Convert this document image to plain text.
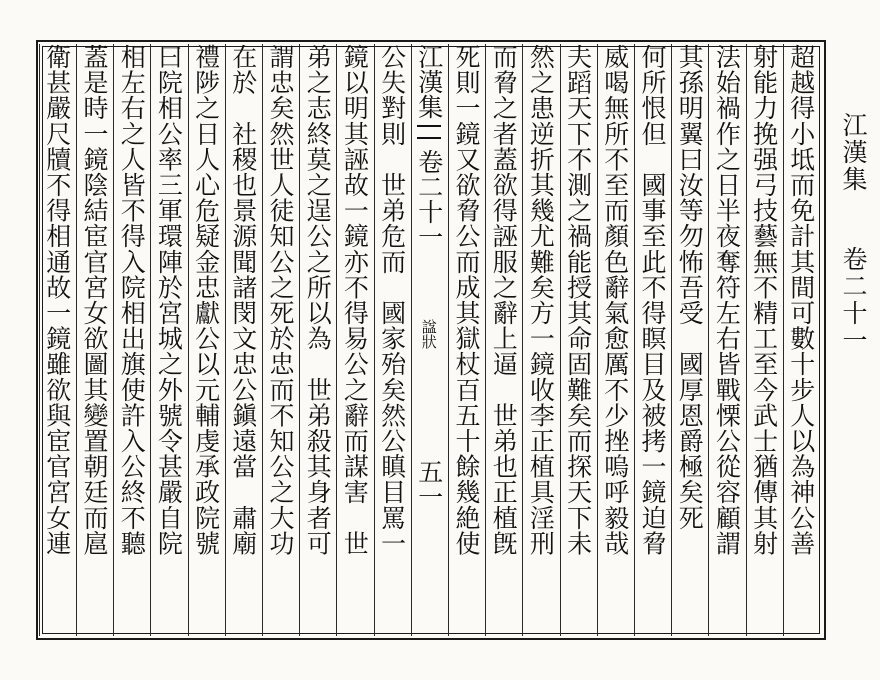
江漢集 卷二十一
超越得小坻而免計其間可數十步人以為神公善
射能力挽强弓技藝無不精工至今武士猶傳其射
法始禍作之日半夜奪符左右皆戰慄公從容顧謂
其孫明翼曰汝等勿怖吾受　國厚恩爵極矣死
何所恨但　國事至此不得瞑目及被拷一鏡迫脅
威喝無所不至而顏色辭氣愈厲不少挫嗚呼毅哉
夫蹈天下不測之禍能授其命固難矣而探天下未
然之患逆折其幾尤難矣方一鏡收李正植具淫刑
而脅之者蓋欲得誣服之辭上逼　世弟也正植旣
死則一鏡又欲脅公而成其獄杖百五十餘幾絶使
江漢集
卷二十一
諡狀
五一
公失對則　世弟危而　國家殆矣然公瞋目罵一
鏡以明其誣故一鏡亦不得易公之辭而謀害　世
弟之志終莫之逞公之所以為　世弟殺其身者可
謂忠矣然世人徒知公之死於忠而不知公之大功
在於　社稷也景源聞諸閔文忠公鎭遠當　肅廟
禮陟之日人心危疑金忠獻公以元輔虔承政院號
曰院相公率三軍環陣於宮城之外號令甚嚴自院
相左右之人皆不得入院相出旗使許入公終不聽
蓋是時一鏡陰結宦官宮女欲圖其變置朝廷而扈
衛甚嚴尺牘不得相通故一鏡雖欲與宦官宮女連
